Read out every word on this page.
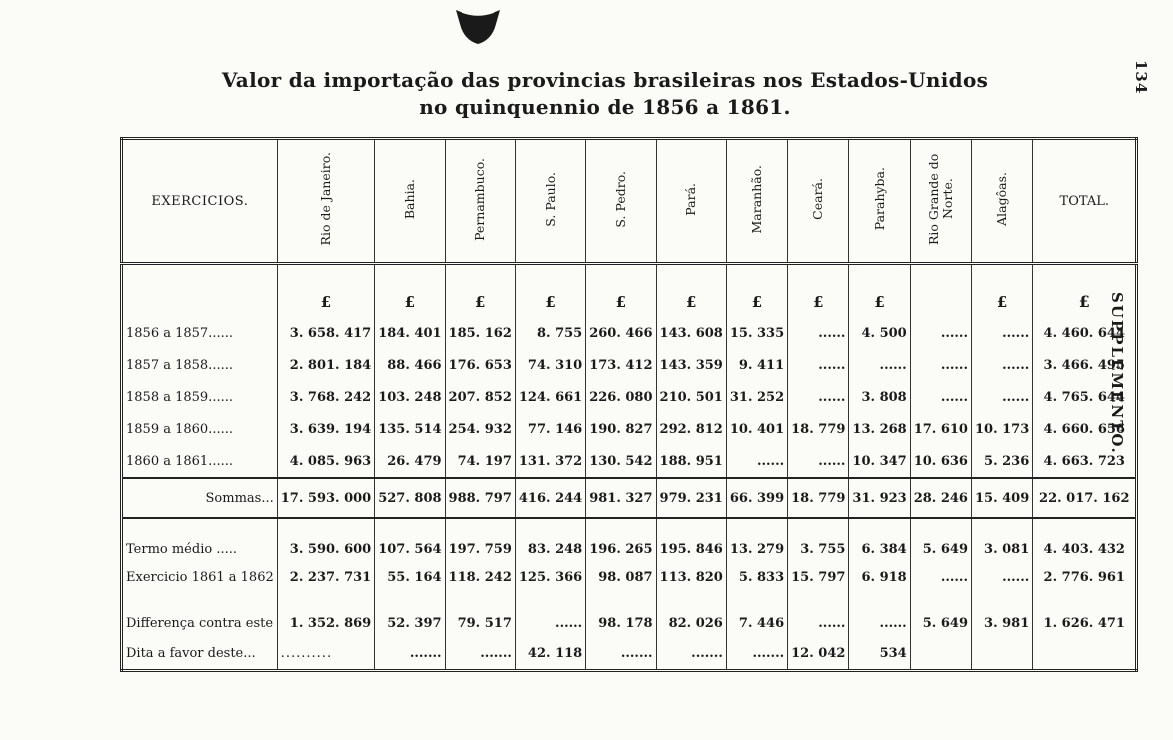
Valor da importação das provincias brasileiras nos Estados-Unidos
no quinquennio de 1856 a 1861.
134
SUPPLEMENTO.
EXERCICIOS.	Rio de Janeiro.	Bahia.	Pernambuco.	S. Paulo.	S. Pedro.	Pará.	Maranhão.	Ceará.	Parahyba.	Rio Grande do Norte.	Alagôas.	TOTAL.
	£	£	£	£	£	£	£	£	£		£	£
1856 a 1857......	3. 658. 417	184. 401	185. 162	8. 755	260. 466	143. 608	15. 335	......	4. 500	......	......	4. 460. 644
1857 a 1858......	2. 801. 184	88. 466	176. 653	74. 310	173. 412	143. 359	9. 411	......	......	......	......	3. 466. 495
1858 a 1859......	3. 768. 242	103. 248	207. 852	124. 661	226. 080	210. 501	31. 252	......	3. 808	......	......	4. 765. 644
1859 a 1860......	3. 639. 194	135. 514	254. 932	77. 146	190. 827	292. 812	10. 401	18. 779	13. 268	17. 610	10. 173	4. 660. 656
1860 a 1861......	4. 085. 963	26. 479	74. 197	131. 372	130. 542	188. 951	......	......	10. 347	10. 636	5. 236	4. 663. 723
Sommas...	17. 593. 000	527. 808	988. 797	416. 244	981. 327	979. 231	66. 399	18. 779	31. 923	28. 246	15. 409	22. 017. 162
Termo médio .....	3. 590. 600	107. 564	197. 759	83. 248	196. 265	195. 846	13. 279	3. 755	6. 384	5. 649	3. 081	4. 403. 432
Exercicio 1861 a 1862	2. 237. 731	55. 164	118. 242	125. 366	98. 087	113. 820	5. 833	15. 797	6. 918	......	......	2. 776. 961
Differença contra este	1. 352. 869	52. 397	79. 517	......	98. 178	82. 026	7. 446	......	......	5. 649	3. 981	1. 626. 471
Dita a favor deste...	..........	.......	.......	42. 118	.......	.......	.......	12. 042	534			
